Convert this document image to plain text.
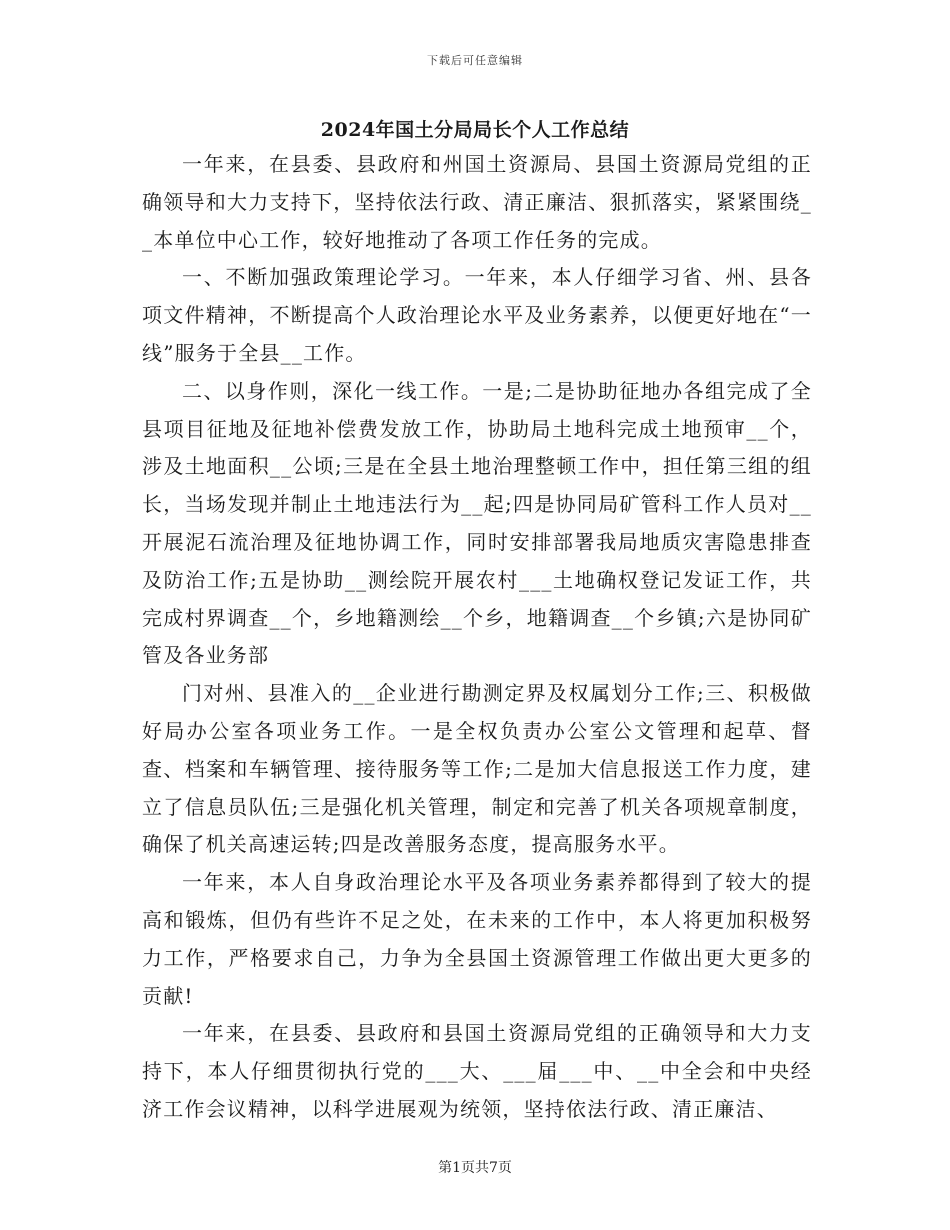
下载后可任意编辑
2024年国土分局局长个人工作总结

一年来，在县委、县政府和州国土资源局、县国土资源局党组的正确领导和大力支持下，坚持依法行政、清正廉洁、狠抓落实，紧紧围绕__本单位中心工作，较好地推动了各项工作任务的完成。

一、不断加强政策理论学习。一年来，本人仔细学习省、州、县各项文件精神，不断提高个人政治理论水平及业务素养，以便更好地在“一线”服务于全县__工作。

二、以身作则，深化一线工作。一是;二是协助征地办各组完成了全县项目征地及征地补偿费发放工作，协助局土地科完成土地预审__个，涉及土地面积__公顷;三是在全县土地治理整顿工作中，担任第三组的组长，当场发现并制止土地违法行为__起;四是协同局矿管科工作人员对__开展泥石流治理及征地协调工作，同时安排部署我局地质灾害隐患排查及防治工作;五是协助__测绘院开展农村___土地确权登记发证工作，共完成村界调查__个，乡地籍测绘__个乡，地籍调查__个乡镇;六是协同矿管及各业务部

门对州、县准入的__企业进行勘测定界及权属划分工作;三、积极做好局办公室各项业务工作。一是全权负责办公室公文管理和起草、督查、档案和车辆管理、接待服务等工作;二是加大信息报送工作力度，建立了信息员队伍;三是强化机关管理，制定和完善了机关各项规章制度，确保了机关高速运转;四是改善服务态度，提高服务水平。

一年来，本人自身政治理论水平及各项业务素养都得到了较大的提高和锻炼，但仍有些许不足之处，在未来的工作中，本人将更加积极努力工作，严格要求自己，力争为全县国土资源管理工作做出更大更多的贡献!

一年来，在县委、县政府和县国土资源局党组的正确领导和大力支持下，本人仔细贯彻执行党的___大、___届___中、__中全会和中央经济工作会议精神，以科学进展观为统领，坚持依法行政、清正廉洁、

第1页共7页
